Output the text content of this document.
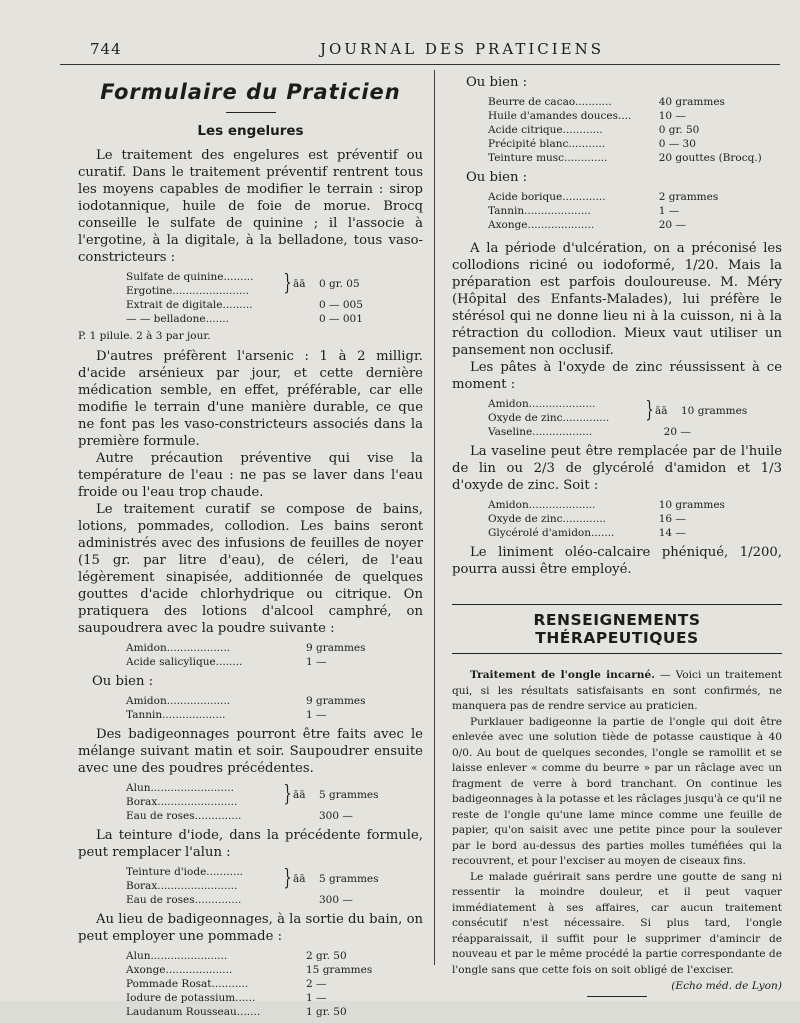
744	JOURNAL DES PRATICIENS
Formulaire du Praticien
Les engelures

Le traitement des engelures est préventif ou curatif. Dans le traitement préventif rentrent tous les moyens capables de modifier le terrain : sirop iodotannique, huile de foie de morue. Brocq conseille le sulfate de quinine ; il l'associe à l'ergotine, à la digitale, à la belladone, tous vaso-constricteurs :

Sulfate de quinine.........
Ergotine.......................	} āā	0 gr. 05
Extrait de digitale.........	0 — 005
— — belladone.......	0 — 001
P. 1 pilule. 2 à 3 par jour.

D'autres préfèrent l'arsenic : 1 à 2 milligr. d'acide arsénieux par jour, et cette dernière médication semble, en effet, préférable, car elle modifie le terrain d'une manière durable, ce que ne font pas les vaso-constricteurs associés dans la première formule.

Autre précaution préventive qui vise la température de l'eau : ne pas se laver dans l'eau froide ou l'eau trop chaude.

Le traitement curatif se compose de bains, lotions, pommades, collodion. Les bains seront administrés avec des infusions de feuilles de noyer (15 gr. par litre d'eau), de céleri, de l'eau légèrement sinapisée, additionnée de quelques gouttes d'acide chlorhydrique ou citrique. On pratiquera des lotions d'alcool camphré, on saupoudrera avec la poudre suivante :

Amidon...................	9 grammes
Acide salicylique........	1 —
Ou bien :
Amidon...................	9 grammes
Tannin...................	1 —

Des badigeonnages pourront être faits avec le mélange suivant matin et soir. Saupoudrer ensuite avec une des poudres précédentes.

Alun.........................
Borax........................	} āā	5 grammes
Eau de roses..............	300 —

La teinture d'iode, dans la précédente formule, peut remplacer l'alun :

Teinture d'iode...........
Borax........................	} āā	5 grammes
Eau de roses..............	300 —

Au lieu de badigeonnages, à la sortie du bain, on peut employer une pommade :

Alun.......................	2 gr. 50
Axonge....................	15 grammes
Pommade Rosat...........	2 —
Iodure de potassium......	1 —
Laudanum Rousseau.......	1 gr. 50
Ou bien :
Beurre de cacao...........	40 grammes
Huile d'amandes douces....	10 —
Acide citrique............	0 gr. 50
Précipité blanc...........	0 — 30
Teinture musc.............	20 gouttes (Brocq.)
Ou bien :
Acide borique.............	2 grammes
Tannin....................	1 —
Axonge....................	20 —

A la période d'ulcération, on a préconisé les collodions riciné ou iodoformé, 1/20. Mais la préparation est parfois douloureuse. M. Méry (Hôpital des Enfants-Malades), lui préfère le stérésol qui ne donne lieu ni à la cuisson, ni à la rétraction du collodion. Mieux vaut utiliser un pansement non occlusif.

Les pâtes à l'oxyde de zinc réussissent à ce moment :

Amidon....................
Oxyde de zinc..............	} āā	10 grammes
Vaseline..................	20 —

La vaseline peut être remplacée par de l'huile de lin ou 2/3 de glycérolé d'amidon et 1/3 d'oxyde de zinc. Soit :

Amidon....................	10 grammes
Oxyde de zinc.............	16 —
Glycérolé d'amidon.......	14 —

Le liniment oléo-calcaire phéniqué, 1/200, pourra aussi être employé.

RENSEIGNEMENTS THÉRAPEUTIQUES

Traitement de l'ongle incarné. — Voici un traitement qui, si les résultats satisfaisants en sont confirmés, ne manquera pas de rendre service au praticien.

Purklauer badigeonne la partie de l'ongle qui doit être enlevée avec une solution tiède de potasse caustique à 40 0/0. Au bout de quelques secondes, l'ongle se ramollit et se laisse enlever « comme du beurre » par un râclage avec un fragment de verre à bord tranchant. On continue les badigeonnages à la potasse et les râclages jusqu'à ce qu'il ne reste de l'ongle qu'une lame mince comme une feuille de papier, qu'on saisit avec une petite pince pour la soulever par le bord au-dessus des parties molles tuméfiées qui la recouvrent, et pour l'exciser au moyen de ciseaux fins.

Le malade guérirait sans perdre une goutte de sang ni ressentir la moindre douleur, et il peut vaquer immédiatement à ses affaires, car aucun traitement consécutif n'est nécessaire. Si plus tard, l'ongle réapparaissait, il suffit pour le supprimer d'amincir de nouveau et par le même procédé la partie correspondante de l'ongle sans que cette fois on soit obligé de l'exciser.

(Echo méd. de Lyon)
